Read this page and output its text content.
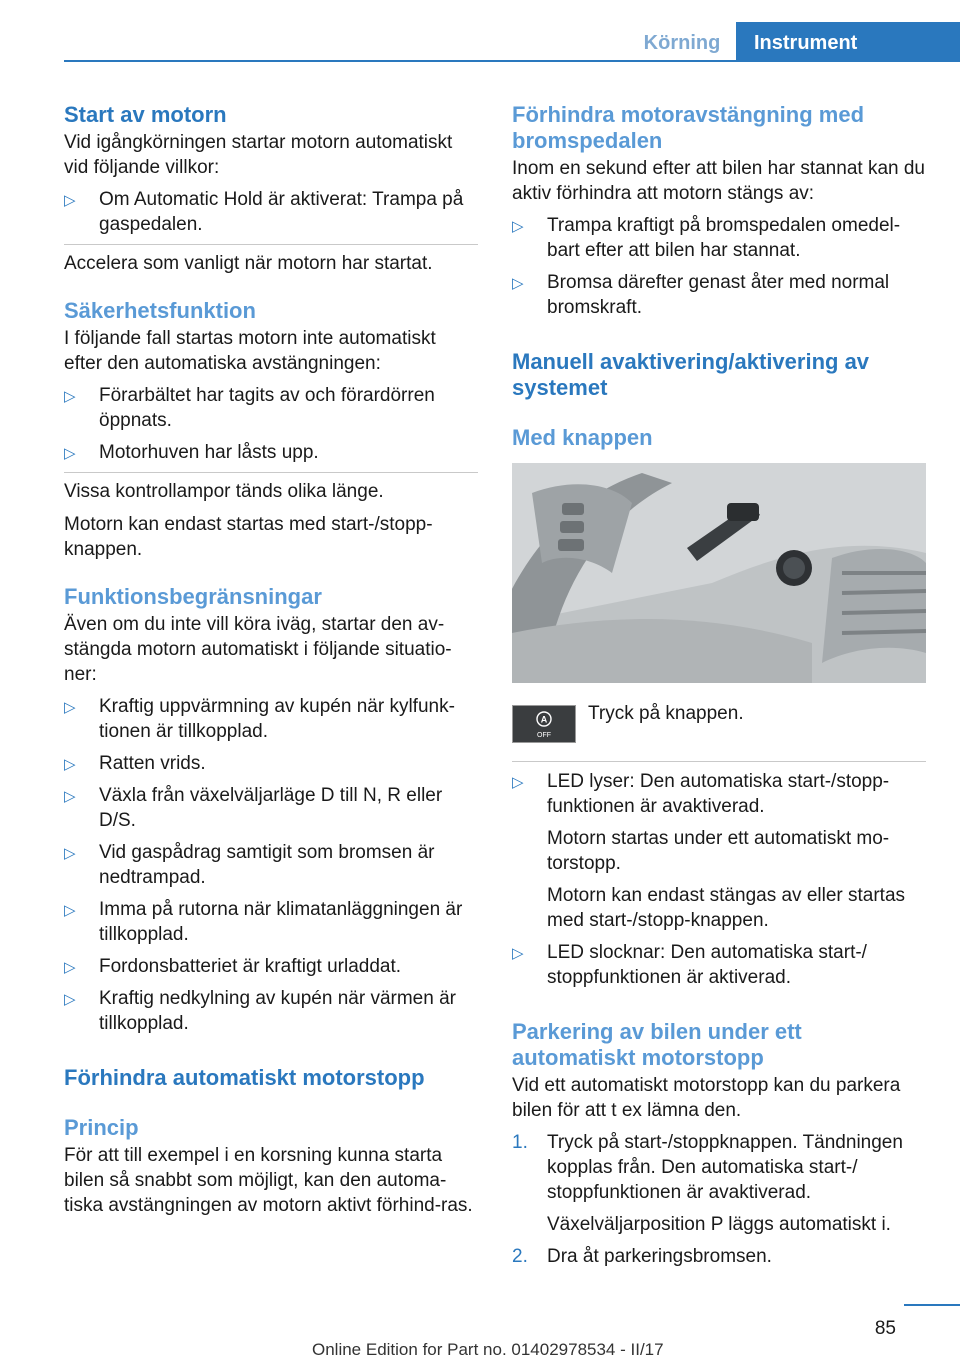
Körning	Instrument
Start av motorn

Vid igångkörningen startar motorn automatiskt vid följande villkor:

▷ Om Automatic Hold är aktiverat: Trampa på gaspedalen.

Accelera som vanligt när motorn har startat.

Säkerhetsfunktion

I följande fall startas motorn inte automatiskt efter den automatiska avstängningen:

▷ Förarbältet har tagits av och förardörren öppnats.
▷ Motorhuven har låsts upp.

Vissa kontrollampor tänds olika länge.

Motorn kan endast startas med start-/stopp-knappen.

Funktionsbegränsningar

Även om du inte vill köra iväg, startar den av-stängda motorn automatiskt i följande situatio-ner:

▷ Kraftig uppvärmning av kupén när kylfunk-tionen är tillkopplad.
▷ Ratten vrids.
▷ Växla från växelväljarläge D till N, R eller D/S.
▷ Vid gaspådrag samtigit som bromsen är nedtrampad.
▷ Imma på rutorna när klimatanläggningen är tillkopplad.
▷ Fordonsbatteriet är kraftigt urladdat.
▷ Kraftig nedkylning av kupén när värmen är tillkopplad.
Förhindra automatiskt motorstopp
Princip

För att till exempel i en korsning kunna starta bilen så snabbt som möjligt, kan den automa-tiska avstängningen av motorn aktivt förhind-ras.

Förhindra motoravstängning med bromspedalen

Inom en sekund efter att bilen har stannat kan du aktiv förhindra att motorn stängs av:

▷ Trampa kraftigt på bromspedalen omedel-bart efter att bilen har stannat.
▷ Bromsa därefter genast åter med normal bromskraft.
Manuell avaktivering/aktivering av systemet
Med knappen
A
OFF

Tryck på knappen.

▷ LED lyser: Den automatiska start-/stopp-funktionen är avaktiverad.

Motorn startas under ett automatiskt mo-torstopp.

Motorn kan endast stängas av eller startas med start-/stopp-knappen.

▷ LED slocknar: Den automatiska start-/ stoppfunktionen är aktiverad.
Parkering av bilen under ett automatiskt motorstopp

Vid ett automatiskt motorstopp kan du parkera bilen för att t ex lämna den.

1. Tryck på start-/stoppknappen. Tändningen kopplas från. Den automatiska start-/ stoppfunktionen är avaktiverad.

Växelväljarposition P läggs automatiskt i.

2. Dra åt parkeringsbromsen.
85
Online Edition for Part no. 01402978534 - II/17
